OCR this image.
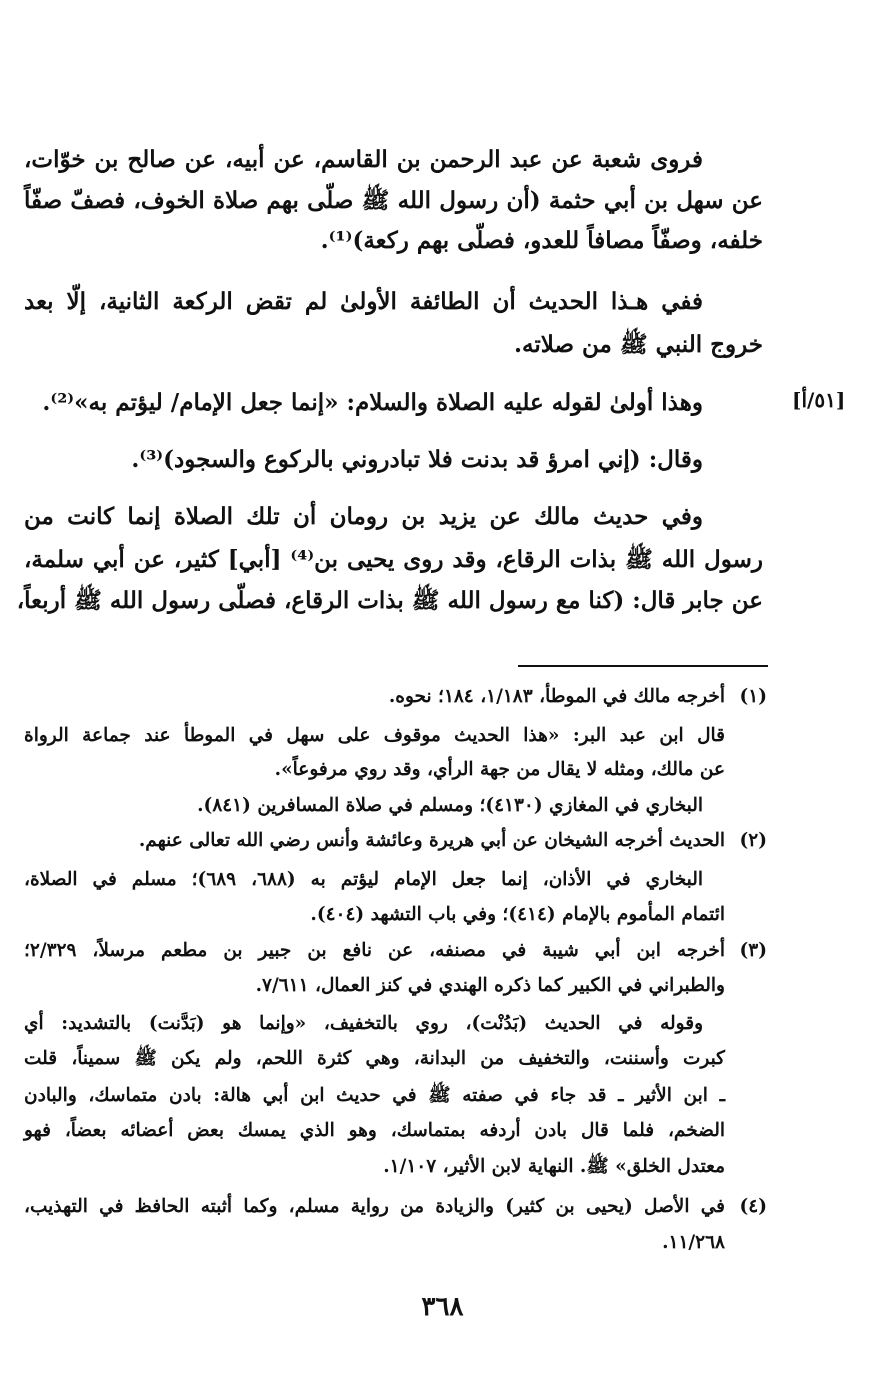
فروى شعبة عن عبد الرحمن بن القاسم، عن أبيه، عن صالح بن خوّات،
عن سهل بن أبي حثمة (أن رسول الله ﷺ صلّى بهم صلاة الخوف، فصفّ صفّاً
خلفه، وصفّاً مصافاً للعدو، فصلّى بهم ركعة)⁽¹⁾.
ففي هـذا الحديث أن الطائفة الأولىٰ لم تقض الركعة الثانية، إلّا بعد
خروج النبي ﷺ من صلاته.
وهذا أولىٰ لقوله عليه الصلاة والسلام: «إنما جعل الإمام/ ليؤتم به»⁽²⁾.
وقال: (إني امرؤ قد بدنت فلا تبادروني بالركوع والسجود)⁽³⁾.
وفي حديث مالك عن يزيد بن رومان أن تلك الصلاة إنما كانت من
رسول الله ﷺ بذات الرقاع، وقد روى يحيى بن⁽⁴⁾ [أبي] كثير، عن أبي سلمة،
عن جابر قال: (كنا مع رسول الله ﷺ بذات الرقاع، فصلّى رسول الله ﷺ أربعاً،
[٥١/أ]
(١)
(٢)
(٣)
(٤)
أخرجه مالك في الموطأ، ١/١٨٣، ١٨٤؛ نحوه.
قال ابن عبد البر: «هذا الحديث موقوف على سهل في الموطأ عند جماعة الرواة
عن مالك، ومثله لا يقال من جهة الرأي، وقد روي مرفوعاً».
البخاري في المغازي (٤١٣٠)؛ ومسلم في صلاة المسافرين (٨٤١).
الحديث أخرجه الشيخان عن أبي هريرة وعائشة وأنس رضي الله تعالى عنهم.
البخاري في الأذان، إنما جعل الإمام ليؤتم به (٦٨٨، ٦٨٩)؛ مسلم في الصلاة،
ائتمام المأموم بالإمام (٤١٤)؛ وفي باب التشهد (٤٠٤).
أخرجه ابن أبي شيبة في مصنفه، عن نافع بن جبير بن مطعم مرسلاً، ٢/٣٢٩؛
والطبراني في الكبير كما ذكره الهندي في كنز العمال، ٧/٦١١.
وقوله في الحديث (بَدُنْت)، روي بالتخفيف، «وإنما هو (بَدَّنت) بالتشديد: أي
كبرت وأسننت، والتخفيف من البدانة، وهي كثرة اللحم، ولم يكن ﷺ سميناً، قلت
ـ ابن الأثير ـ قد جاء في صفته ﷺ في حديث ابن أبي هالة: بادن متماسك، والبادن
الضخم، فلما قال بادن أردفه بمتماسك، وهو الذي يمسك بعض أعضائه بعضاً، فهو
معتدل الخلق» ﷺ. النهاية لابن الأثير، ١/١٠٧.
في الأصل (يحيى بن كثير) والزيادة من رواية مسلم، وكما أثبته الحافظ في التهذيب،
١١/٢٦٨.
٣٦٨
